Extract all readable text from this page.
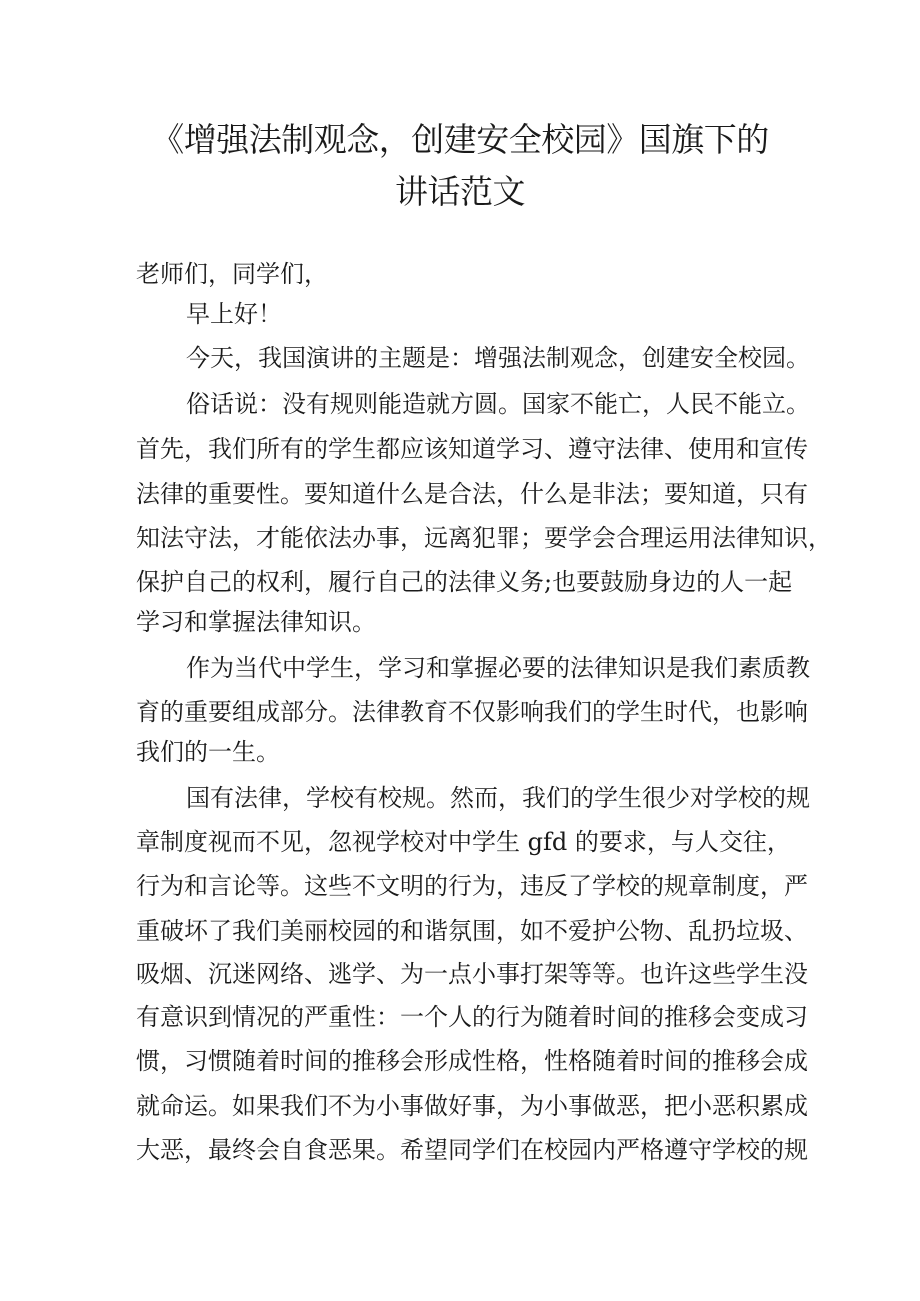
《增强法制观念，创建安全校园》国旗下的
讲话范文

老师们，同学们，

早上好！

今天，我国演讲的主题是：增强法制观念，创建安全校园。

俗话说：没有规则能造就方圆。国家不能亡，人民不能立。

首先，我们所有的学生都应该知道学习、遵守法律、使用和宣传

法律的重要性。要知道什么是合法，什么是非法；要知道，只有

知法守法，才能依法办事，远离犯罪；要学会合理运用法律知识，

保护自己的权利，履行自己的法律义务;也要鼓励身边的人一起

学习和掌握法律知识。

作为当代中学生，学习和掌握必要的法律知识是我们素质教

育的重要组成部分。法律教育不仅影响我们的学生时代，也影响

我们的一生。

国有法律，学校有校规。然而，我们的学生很少对学校的规

章制度视而不见，忽视学校对中学生 gfd 的要求，与人交往，

行为和言论等。这些不文明的行为，违反了学校的规章制度，严

重破坏了我们美丽校园的和谐氛围，如不爱护公物、乱扔垃圾、

吸烟、沉迷网络、逃学、为一点小事打架等等。也许这些学生没

有意识到情况的严重性：一个人的行为随着时间的推移会变成习

惯，习惯随着时间的推移会形成性格，性格随着时间的推移会成

就命运。如果我们不为小事做好事，为小事做恶，把小恶积累成

大恶，最终会自食恶果。希望同学们在校园内严格遵守学校的规
